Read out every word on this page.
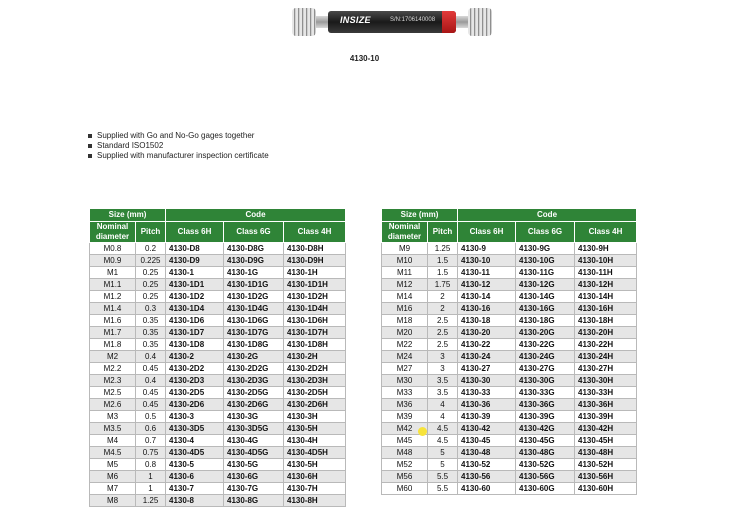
INSIZE	S/N:1706140008
4130-10
Supplied with Go and No-Go gages together
Standard ISO1502
Supplied with manufacturer inspection certificate
Size (mm)		Code		
Nominal diameter	Pitch	Class 6H	Class 6G	Class 4H
M0.8	0.2	4130-D8	4130-D8G	4130-D8H
M0.9	0.225	4130-D9	4130-D9G	4130-D9H
M1	0.25	4130-1	4130-1G	4130-1H
M1.1	0.25	4130-1D1	4130-1D1G	4130-1D1H
M1.2	0.25	4130-1D2	4130-1D2G	4130-1D2H
M1.4	0.3	4130-1D4	4130-1D4G	4130-1D4H
M1.6	0.35	4130-1D6	4130-1D6G	4130-1D6H
M1.7	0.35	4130-1D7	4130-1D7G	4130-1D7H
M1.8	0.35	4130-1D8	4130-1D8G	4130-1D8H
M2	0.4	4130-2	4130-2G	4130-2H
M2.2	0.45	4130-2D2	4130-2D2G	4130-2D2H
M2.3	0.4	4130-2D3	4130-2D3G	4130-2D3H
M2.5	0.45	4130-2D5	4130-2D5G	4130-2D5H
M2.6	0.45	4130-2D6	4130-2D6G	4130-2D6H
M3	0.5	4130-3	4130-3G	4130-3H
M3.5	0.6	4130-3D5	4130-3D5G	4130-5H
M4	0.7	4130-4	4130-4G	4130-4H
M4.5	0.75	4130-4D5	4130-4D5G	4130-4D5H
M5	0.8	4130-5	4130-5G	4130-5H
M6	1	4130-6	4130-6G	4130-6H
M7	1	4130-7	4130-7G	4130-7H
M8	1.25	4130-8	4130-8G	4130-8H
Size (mm)		Code		
Nominal diameter	Pitch	Class 6H	Class 6G	Class 4H
M9	1.25	4130-9	4130-9G	4130-9H
M10	1.5	4130-10	4130-10G	4130-10H
M11	1.5	4130-11	4130-11G	4130-11H
M12	1.75	4130-12	4130-12G	4130-12H
M14	2	4130-14	4130-14G	4130-14H
M16	2	4130-16	4130-16G	4130-16H
M18	2.5	4130-18	4130-18G	4130-18H
M20	2.5	4130-20	4130-20G	4130-20H
M22	2.5	4130-22	4130-22G	4130-22H
M24	3	4130-24	4130-24G	4130-24H
M27	3	4130-27	4130-27G	4130-27H
M30	3.5	4130-30	4130-30G	4130-30H
M33	3.5	4130-33	4130-33G	4130-33H
M36	4	4130-36	4130-36G	4130-36H
M39	4	4130-39	4130-39G	4130-39H
M42	4.5	4130-42	4130-42G	4130-42H
M45	4.5	4130-45	4130-45G	4130-45H
M48	5	4130-48	4130-48G	4130-48H
M52	5	4130-52	4130-52G	4130-52H
M56	5.5	4130-56	4130-56G	4130-56H
M60	5.5	4130-60	4130-60G	4130-60H
